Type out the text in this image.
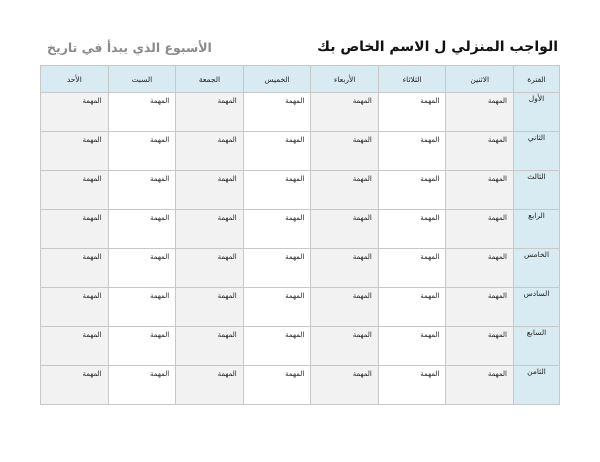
الواجب المنزلي ل الاسم الخاص بك
الأسبوع الذي يبدأ في تاريخ
الفترة	الاثنين	الثلاثاء	الأربعاء	الخميس	الجمعة	السبت	الأحد
الأول	المهمة	المهمة	المهمة	المهمة	المهمة	المهمة	المهمة

الثاني	المهمة	المهمة	المهمة	المهمة	المهمة	المهمة	المهمة

الثالث	المهمة	المهمة	المهمة	المهمة	المهمة	المهمة	المهمة

الرابع	المهمة	المهمة	المهمة	المهمة	المهمة	المهمة	المهمة

الخامس	المهمة	المهمة	المهمة	المهمة	المهمة	المهمة	المهمة

السادس	المهمة	المهمة	المهمة	المهمة	المهمة	المهمة	المهمة

السابع	المهمة	المهمة	المهمة	المهمة	المهمة	المهمة	المهمة

الثامن	المهمة	المهمة	المهمة	المهمة	المهمة	المهمة	المهمة
